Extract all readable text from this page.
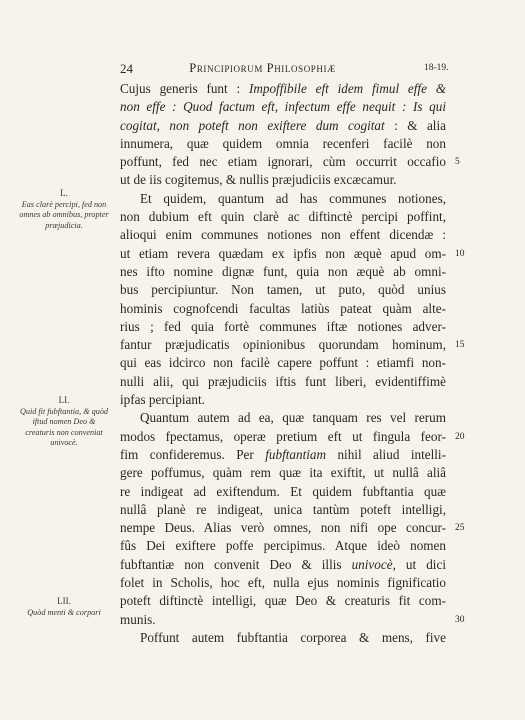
24	Principiorum Philosophiæ	18-19.
Cujus generis funt : Impoffibile eft idem fimul effe &
non effe : Quod factum eft, infectum effe nequit : Is qui
cogitat, non poteft non exiftere dum cogitat : & alia
innumera, quæ quidem omnia recenferi facilè non
poffunt, fed nec etiam ignorari, cùm occurrit occafio
ut de iis cogitemus, & nullis præjudiciis excæcamur.
Et quidem, quantum ad has communes notiones,
non dubium eft quin clarè ac diftinctè percipi poffint,
alioqui enim communes notiones non effent dicendæ :
ut etiam revera quædam ex ipfis non æquè apud om-
nes ifto nomine dignæ funt, quia non æquè ab omni-
bus percipiuntur. Non tamen, ut puto, quòd unius
hominis cognofcendi facultas latiùs pateat quàm alte-
rius ; fed quia fortè communes iftæ notiones adver-
fantur præjudicatis opinionibus quorundam hominum,
qui eas idcirco non facilè capere poffunt : etiamfi non-
nulli alii, qui præjudiciis iftis funt liberi, evidentiffimè
ipfas percipiant.
Quantum autem ad ea, quæ tanquam res vel rerum
modos fpectamus, operæ pretium eft ut fingula feor-
fim confideremus. Per fubftantiam nihil aliud intelli-
gere poffumus, quàm rem quæ ita exiftit, ut nullâ aliâ
re indigeat ad exiftendum. Et quidem fubftantia quæ
nullâ planè re indigeat, unica tantùm poteft intelligi,
nempe Deus. Alias verò omnes, non nifi ope concur-
fûs Dei exiftere poffe percipimus. Atque ideò nomen
fubftantiæ non convenit Deo & illis univocè, ut dici
folet in Scholis, hoc eft, nulla ejus nominis fignificatio
poteft diftinctè intelligi, quæ Deo & creaturis fit com-
munis.
Poffunt autem fubftantia corporea & mens, five
5
10
15
20
25
30
L.
Eas clarè percipi, fed non omnes ab omnibus, propter præjudicia.
LI.
Quid fit fubftantia, & quòd iftud nomen Deo & creaturis non conveniat univocè.
LII.
Quòd menti & corpori
